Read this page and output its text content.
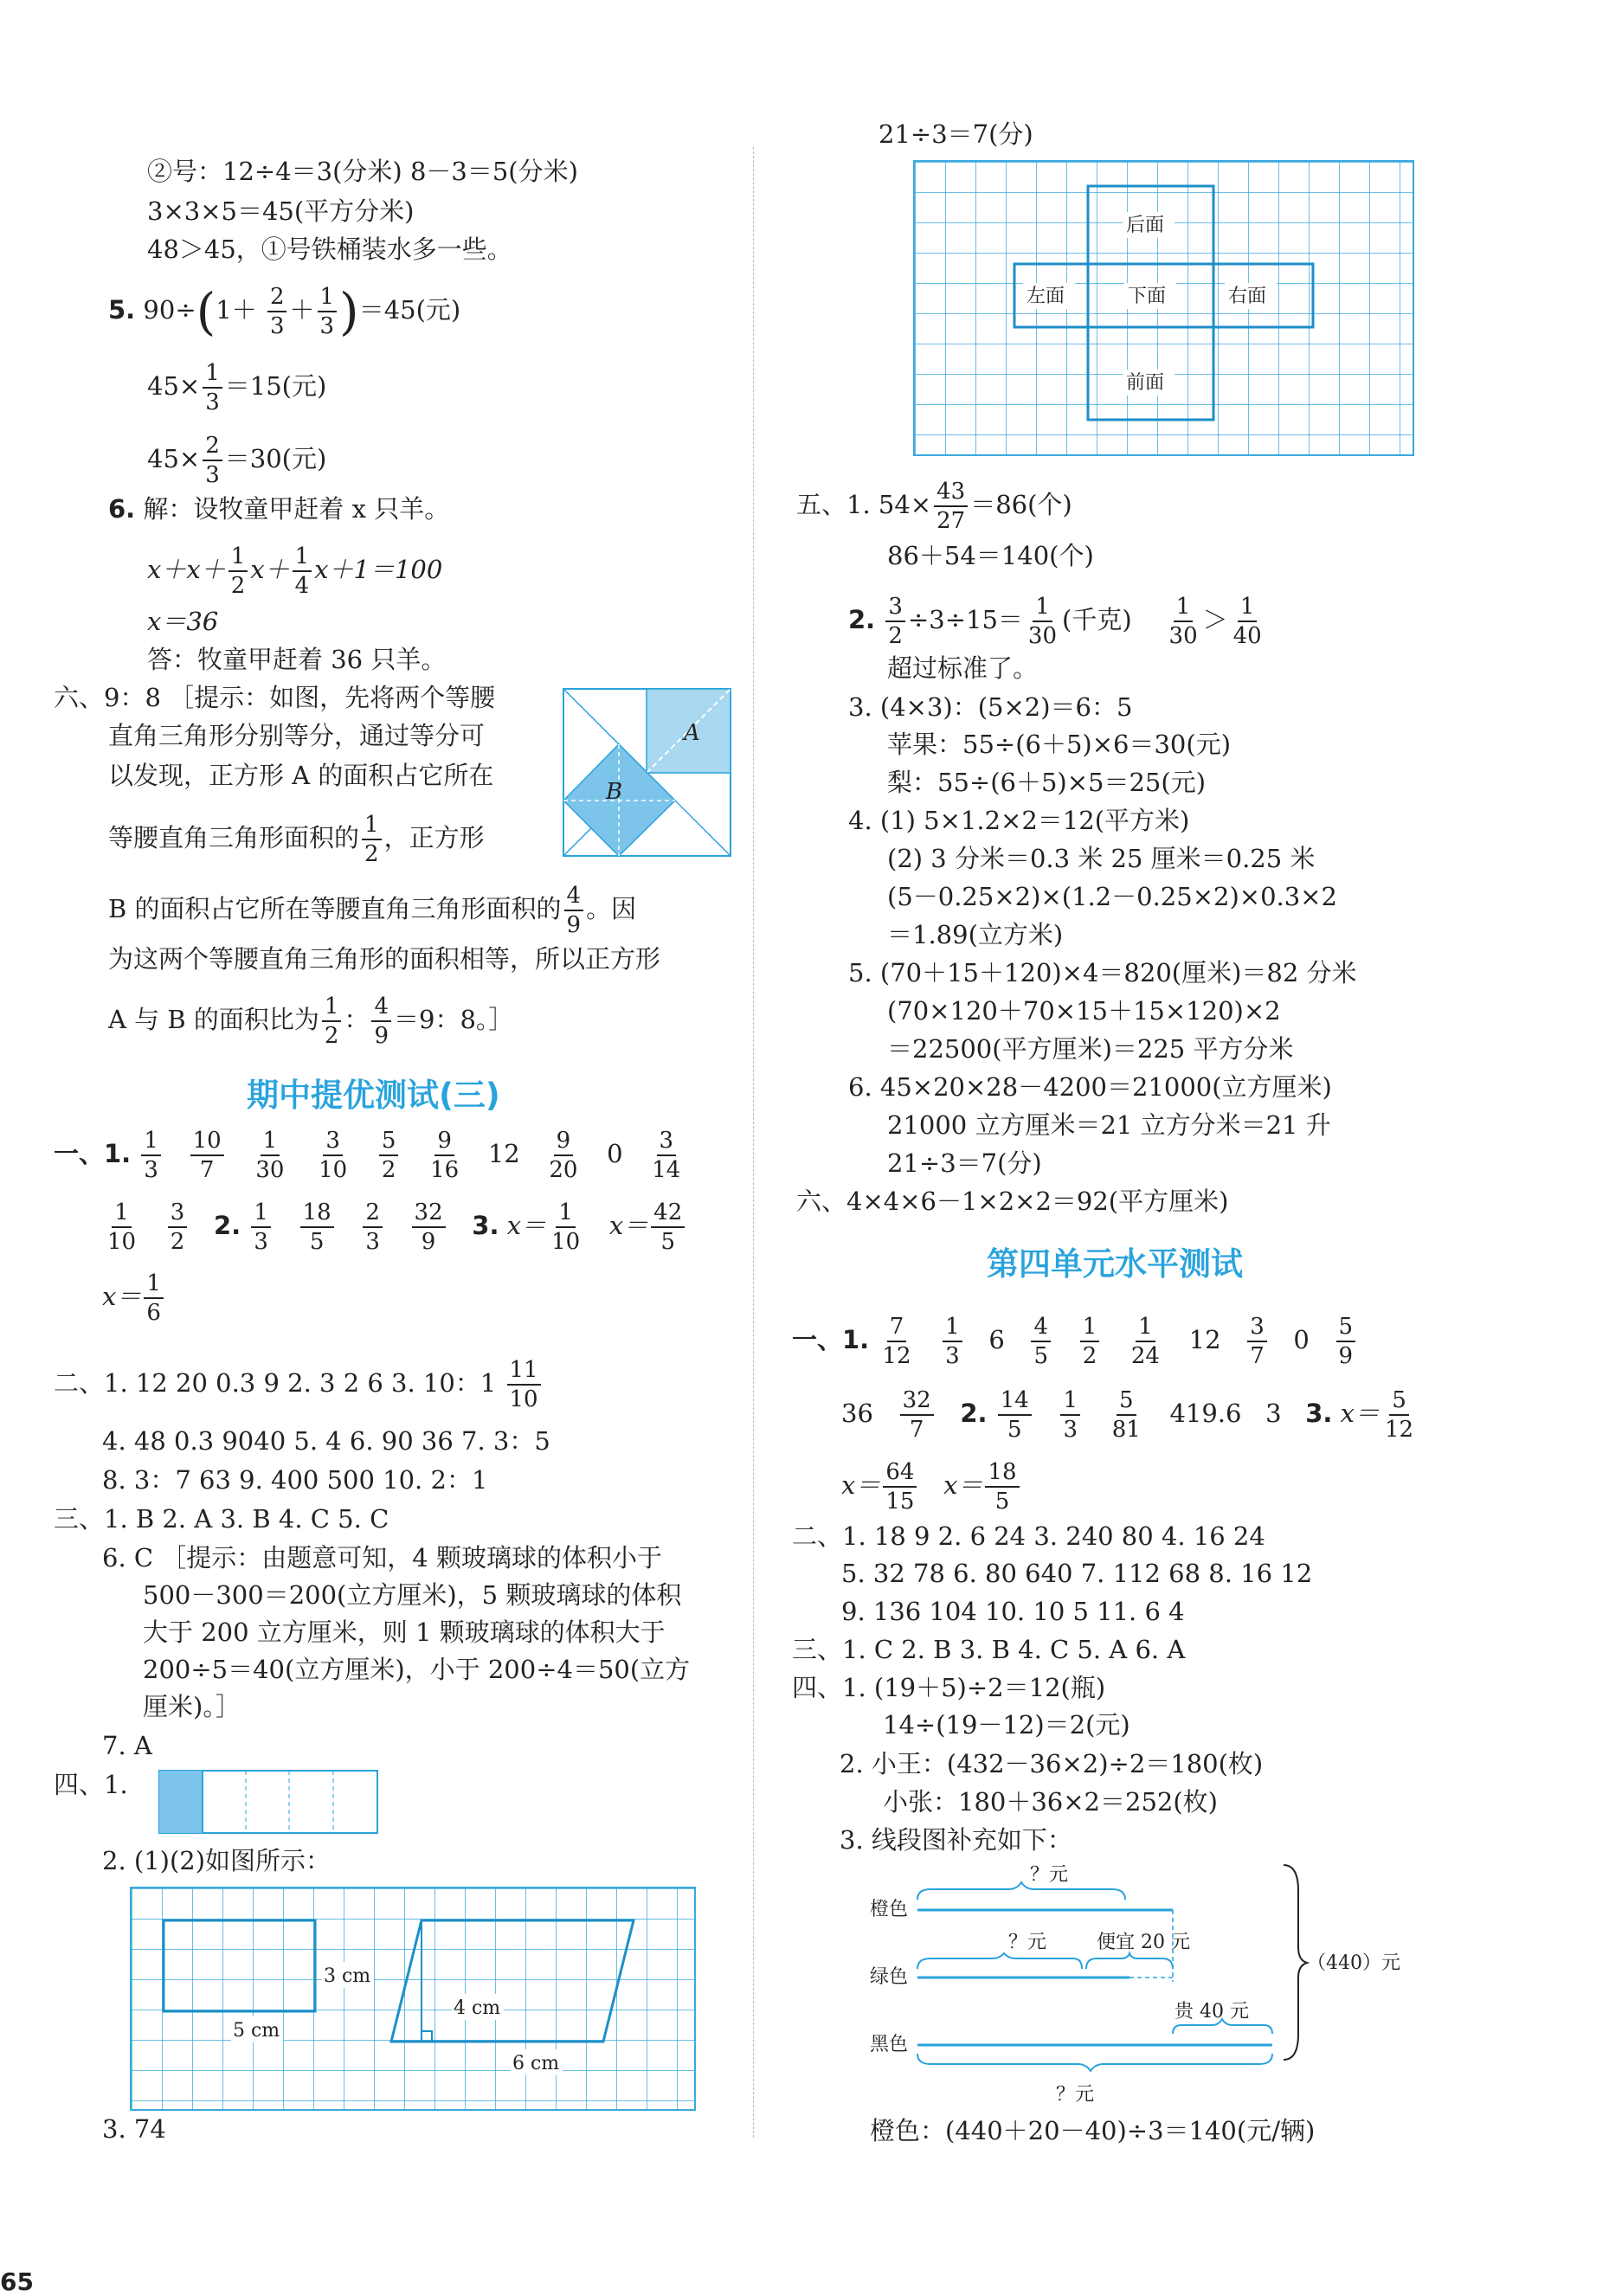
②号：12÷4＝3(分米) 8－3＝5(分米)
3×3×5＝45(平方分米)
48＞45，①号铁桶装水多一些。
5. $90\div(1+ \frac{2}{3} + \frac{1}{3} )=45$(元)
$45\times \frac{1}{3} =15$(元)
$45\times \frac{2}{3} =30$(元)
6. 解：设牧童甲赶着 x 只羊。
$x+x+ \frac{1}{2} x+ \frac{1}{4} x+1=100$
x＝36
答：牧童甲赶着 36 只羊。
六、9：8 ［提示：如图，先将两个等腰
直角三角形分别等分，通过等分可
以发现，正方形 A 的面积占它所在
等腰直角三角形面积的 $\frac{1}{2}$ ，正方形
B 的面积占它所在等腰直角三角形面积的 $\frac{4}{9}$ 。因
为这两个等腰直角三角形的面积相等，所以正方形
A 与 B 的面积比为 $\frac{1}{2}$ ： $\frac{4}{9} =9$：8。］
A
B
期中提优测试(三)
一、1. $\frac{1}{3}$
$\frac{10}{7}$
$\frac{1}{30}$
$\frac{3}{10}$
$\frac{5}{2}$
$\frac{9}{16} 12 \frac{9}{20} 0 \frac{3}{14}$
$\frac{1}{10}$
$\frac{3}{2} 2$. $\frac{1}{3}$
$\frac{18}{5}$
$\frac{2}{3}$
$\frac{32}{9} 3$. $x= \frac{1}{10} x= \frac{42}{5}$
$x= \frac{1}{6}$
二、1. 12 20 0.3 9 2. 3 2 6 3. 10：$1 \frac{11}{10}$
4. 48 0.3 9040 5. 4 6. 90 36 7. 3：5
8. 3：7 63 9. 400 500 10. 2：1
三、1. B 2. A 3. B 4. C 5. C
6. C ［提示：由题意可知，4 颗玻璃球的体积小于
500－300＝200(立方厘米)，5 颗玻璃球的体积
大于 200 立方厘米，则 1 颗玻璃球的体积大于
200÷5＝40(立方厘米)，小于 200÷4＝50(立方
厘米)。］
7. A
四、1.
2. (1)(2)如图所示：
3 cm
5 cm
4 cm
6 cm
3. 74
21÷3＝7(分)
后面
左面	下面	右面
前面
五、1. $54\times \frac{43}{27} =86$(个)
86＋54＝140(个)
2. $\frac{3}{2} \div 3\div 15= \frac{1}{30}$ (千克) $\frac{1}{30} > \frac{1}{40}$
超过标准了。
3. (4×3)：(5×2)＝6：5
苹果：55÷(6＋5)×6＝30(元)
梨：55÷(6＋5)×5＝25(元)
4. (1) 5×1.2×2＝12(平方米)
(2) 3 分米＝0.3 米 25 厘米＝0.25 米
(5－0.25×2)×(1.2－0.25×2)×0.3×2
＝1.89(立方米)
5. (70＋15＋120)×4＝820(厘米)＝82 分米
(70×120＋70×15＋15×120)×2
＝22500(平方厘米)＝225 平方分米
6. 45×20×28－4200＝21000(立方厘米)
21000 立方厘米＝21 立方分米＝21 升
21÷3＝7(分)
六、4×4×6－1×2×2＝92(平方厘米)
第四单元水平测试
一、1. $\frac{7}{12}$
$\frac{1}{3} 6 \frac{4}{5}$
$\frac{1}{2}$
$\frac{1}{24} 12 \frac{3}{7} 0 \frac{5}{9}$
$36 \frac{32}{7} 2$. $\frac{14}{5}$
$\frac{1}{3}$
$\frac{5}{81} 419.6$ 3 3. $x= \frac{5}{12}$
$x= \frac{64}{15} x= \frac{18}{5}$
二、1. 18 9 2. 6 24 3. 240 80 4. 16 24
5. 32 78 6. 80 640 7. 112 68 8. 16 12
9. 136 104 10. 10 5 11. 6 4
三、1. C 2. B 3. B 4. C 5. A 6. A
四、1. (19＋5)÷2＝12(瓶)
14÷(19－12)＝2(元)
2. 小王：(432－36×2)÷2＝180(枚)
小张：180＋36×2＝252(枚)
3. 线段图补充如下：
？元
橙色
？元	便宜 20 元
绿色
（440）元
贵 40 元
黑色
？元
橙色：(440＋20－40)÷3＝140(元/辆)
65
